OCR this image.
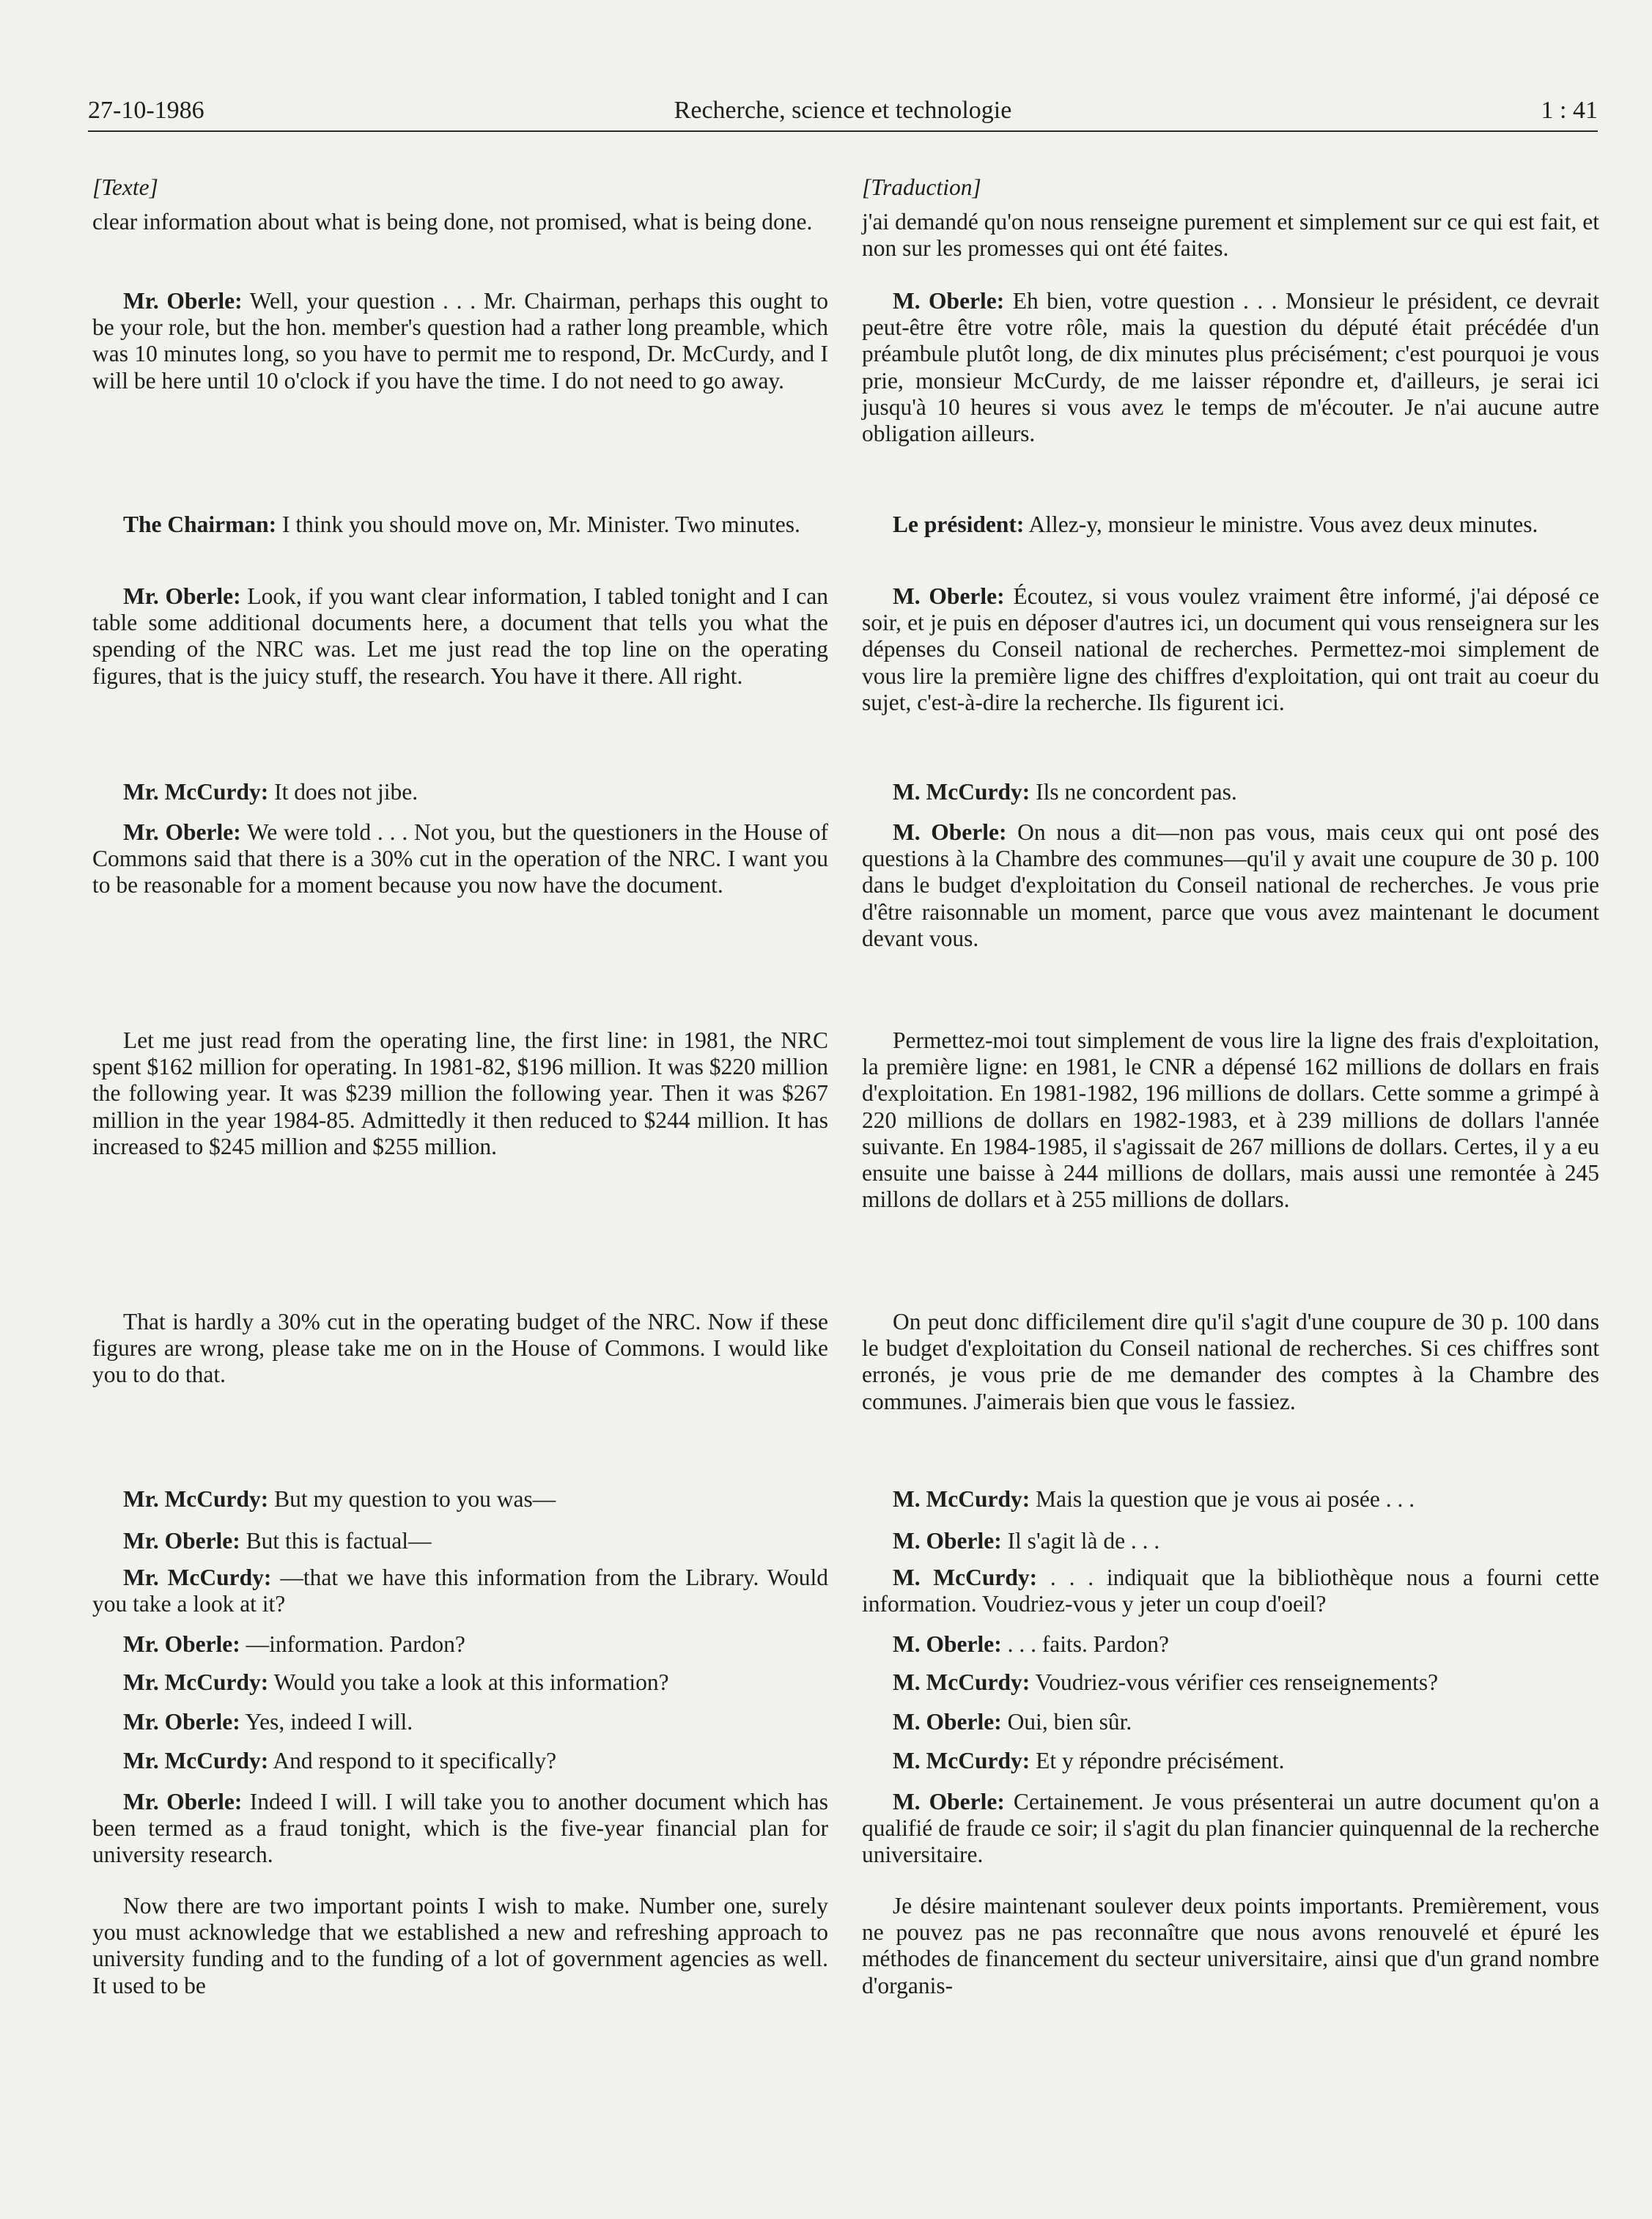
27-10-1986	Recherche, science et technologie	1 : 41
[Texte]

clear information about what is being done, not promised, what is being done.

Mr. Oberle: Well, your question . . . Mr. Chairman, perhaps this ought to be your role, but the hon. member's question had a rather long preamble, which was 10 minutes long, so you have to permit me to respond, Dr. McCurdy, and I will be here until 10 o'clock if you have the time. I do not need to go away.

The Chairman: I think you should move on, Mr. Minister. Two minutes.

Mr. Oberle: Look, if you want clear information, I tabled tonight and I can table some additional documents here, a document that tells you what the spending of the NRC was. Let me just read the top line on the operating figures, that is the juicy stuff, the research. You have it there. All right.

Mr. McCurdy: It does not jibe.

Mr. Oberle: We were told . . . Not you, but the questioners in the House of Commons said that there is a 30% cut in the operation of the NRC. I want you to be reasonable for a moment because you now have the document.

Let me just read from the operating line, the first line: in 1981, the NRC spent $162 million for operating. In 1981-82, $196 million. It was $220 million the following year. It was $239 million the following year. Then it was $267 million in the year 1984-85. Admittedly it then reduced to $244 million. It has increased to $245 million and $255 million.

That is hardly a 30% cut in the operating budget of the NRC. Now if these figures are wrong, please take me on in the House of Commons. I would like you to do that.

Mr. McCurdy: But my question to you was—

Mr. Oberle: But this is factual—

Mr. McCurdy: —that we have this information from the Library. Would you take a look at it?

Mr. Oberle: —information. Pardon?

Mr. McCurdy: Would you take a look at this information?

Mr. Oberle: Yes, indeed I will.

Mr. McCurdy: And respond to it specifically?

Mr. Oberle: Indeed I will. I will take you to another document which has been termed as a fraud tonight, which is the five-year financial plan for university research.

Now there are two important points I wish to make. Number one, surely you must acknowledge that we established a new and refreshing approach to university funding and to the funding of a lot of government agencies as well. It used to be

[Traduction]

j'ai demandé qu'on nous renseigne purement et simplement sur ce qui est fait, et non sur les promesses qui ont été faites.

M. Oberle: Eh bien, votre question . . . Monsieur le président, ce devrait peut-être être votre rôle, mais la question du député était précédée d'un préambule plutôt long, de dix minutes plus précisément; c'est pourquoi je vous prie, monsieur McCurdy, de me laisser répondre et, d'ailleurs, je serai ici jusqu'à 10 heures si vous avez le temps de m'écouter. Je n'ai aucune autre obligation ailleurs.

Le président: Allez-y, monsieur le ministre. Vous avez deux minutes.

M. Oberle: Écoutez, si vous voulez vraiment être informé, j'ai déposé ce soir, et je puis en déposer d'autres ici, un document qui vous renseignera sur les dépenses du Conseil national de recherches. Permettez-moi simplement de vous lire la première ligne des chiffres d'exploitation, qui ont trait au coeur du sujet, c'est-à-dire la recherche. Ils figurent ici.

M. McCurdy: Ils ne concordent pas.

M. Oberle: On nous a dit—non pas vous, mais ceux qui ont posé des questions à la Chambre des communes—qu'il y avait une coupure de 30 p. 100 dans le budget d'exploitation du Conseil national de recherches. Je vous prie d'être raisonnable un moment, parce que vous avez maintenant le document devant vous.

Permettez-moi tout simplement de vous lire la ligne des frais d'exploitation, la première ligne: en 1981, le CNR a dépensé 162 millions de dollars en frais d'exploitation. En 1981-1982, 196 millions de dollars. Cette somme a grimpé à 220 millions de dollars en 1982-1983, et à 239 millions de dollars l'année suivante. En 1984-1985, il s'agissait de 267 millions de dollars. Certes, il y a eu ensuite une baisse à 244 millions de dollars, mais aussi une remontée à 245 millons de dollars et à 255 millions de dollars.

On peut donc difficilement dire qu'il s'agit d'une coupure de 30 p. 100 dans le budget d'exploitation du Conseil national de recherches. Si ces chiffres sont erronés, je vous prie de me demander des comptes à la Chambre des communes. J'aimerais bien que vous le fassiez.

M. McCurdy: Mais la question que je vous ai posée . . .

M. Oberle: Il s'agit là de . . .

M. McCurdy: . . . indiquait que la bibliothèque nous a fourni cette information. Voudriez-vous y jeter un coup d'oeil?

M. Oberle: . . . faits. Pardon?

M. McCurdy: Voudriez-vous vérifier ces renseignements?

M. Oberle: Oui, bien sûr.

M. McCurdy: Et y répondre précisément.

M. Oberle: Certainement. Je vous présenterai un autre document qu'on a qualifié de fraude ce soir; il s'agit du plan financier quinquennal de la recherche universitaire.

Je désire maintenant soulever deux points importants. Premièrement, vous ne pouvez pas ne pas reconnaître que nous avons renouvelé et épuré les méthodes de financement du secteur universitaire, ainsi que d'un grand nombre d'organis-
